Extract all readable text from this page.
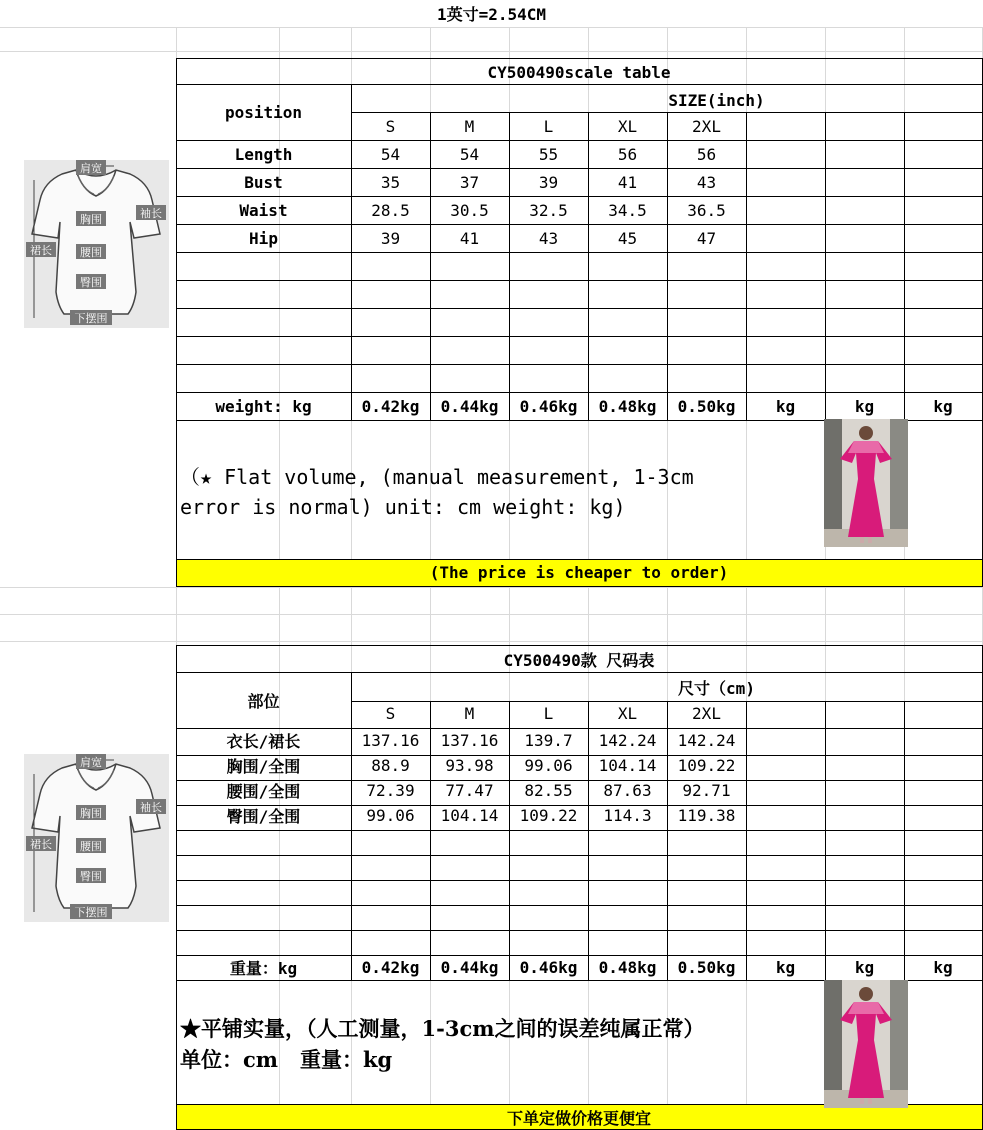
1英寸=2.54CM
CY500490scale table
position
SIZE(inch)
S	M	L	XL	2XL
Length	54	54	55	56	56
Bust	35	37	39	41	43
Waist	28.5	30.5	32.5	34.5	36.5
Hip	39	41	43	45	47
weight: kg	0.42kg	0.44kg	0.46kg	0.48kg	0.50kg	kg	kg	kg
（★ Flat volume, (manual measurement, 1-3cm
error is normal) unit: cm weight: kg)
(The price is cheaper to order)
CY500490款 尺码表
部位
尺寸（cm)
S	M	L	XL	2XL
衣长/裙长	137.16	137.16	139.7	142.24	142.24
胸围/全围	88.9	93.98	99.06	104.14	109.22
腰围/全围	72.39	77.47	82.55	87.63	92.71
臀围/全围	99.06	104.14	109.22	114.3	119.38
重量：kg	0.42kg	0.44kg	0.46kg	0.48kg	0.50kg	kg	kg	kg
★平铺实量，（人工测量，1-3cm之间的误差纯属正常）
单位：cm   重量：kg
下单定做价格更便宜
肩宽
袖长
胸围
腰围
臀围
裙长
下摆围
肩宽
袖长
胸围
腰围
臀围
裙长
下摆围
